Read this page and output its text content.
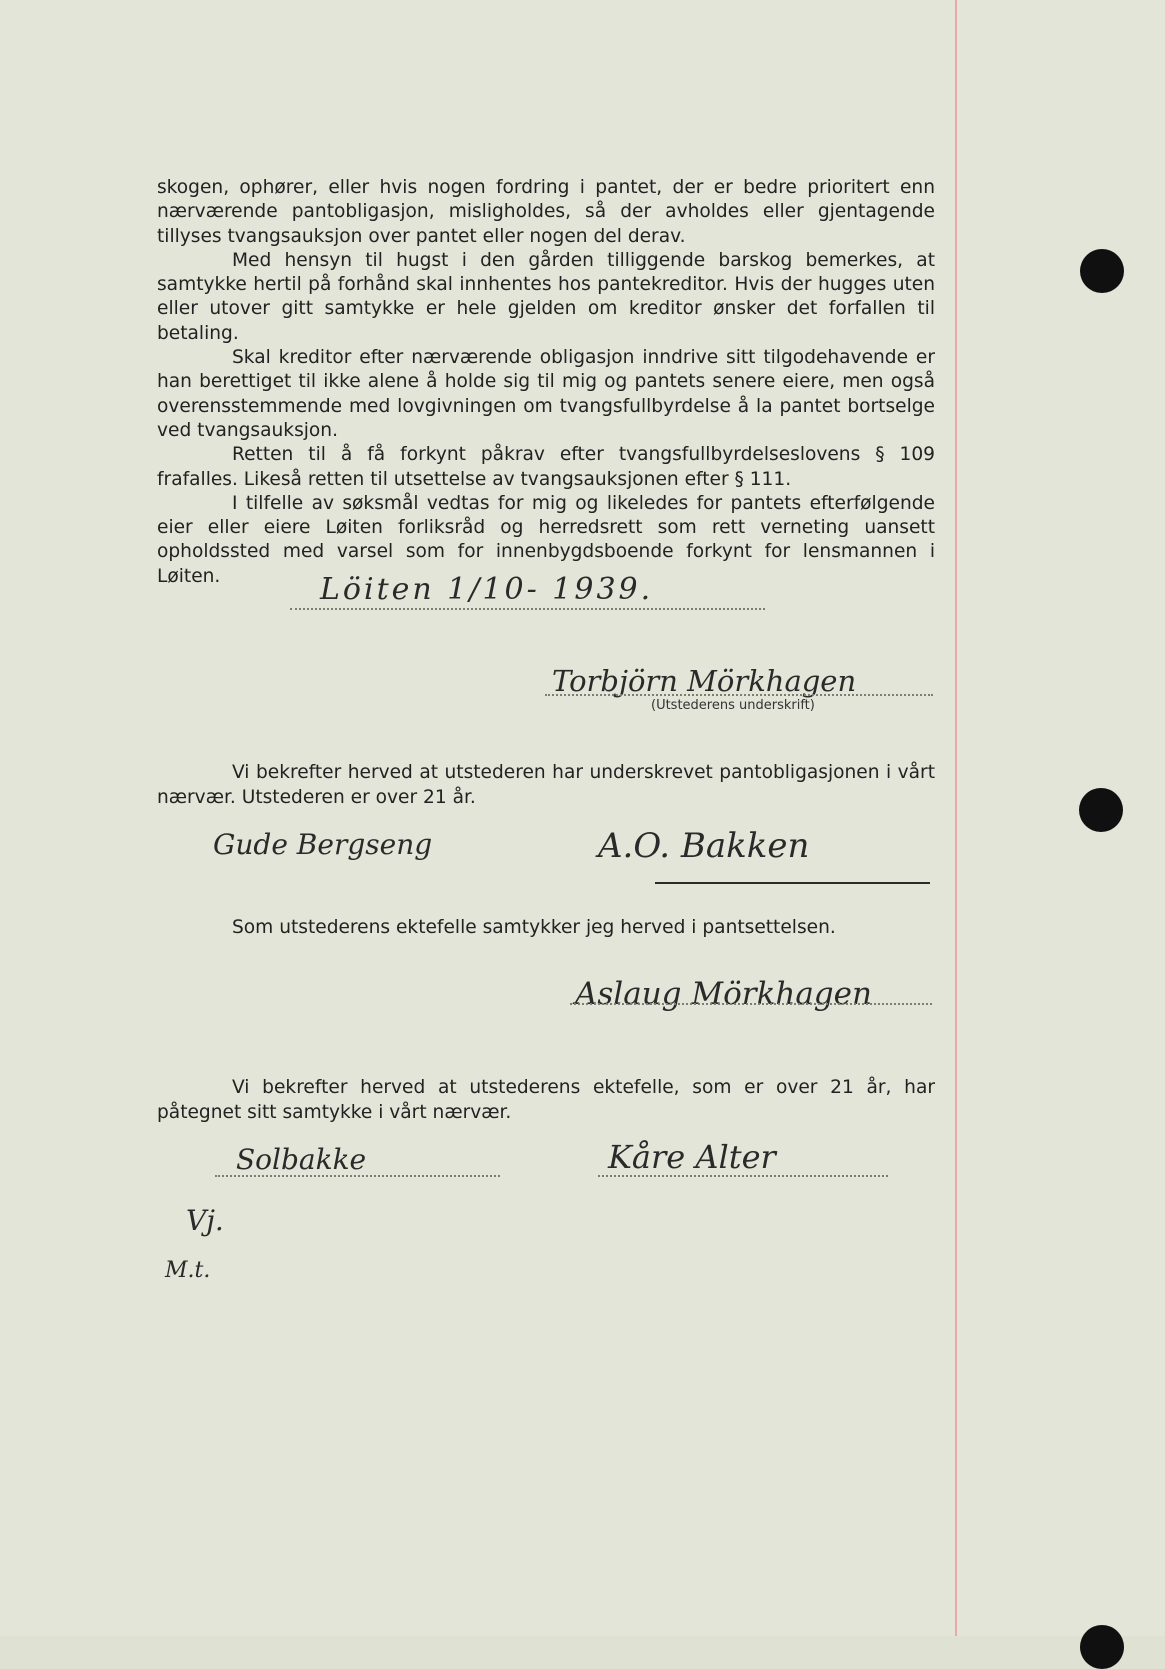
skogen, ophører, eller hvis nogen fordring i pantet, der er bedre prioritert enn nærværende pantobligasjon, misligholdes, så der avholdes eller gjentagende tillyses tvangsauksjon over pantet eller nogen del derav.

Med hensyn til hugst i den gården tilliggende barskog bemerkes, at samtykke hertil på forhånd skal innhentes hos pantekreditor. Hvis der hugges uten eller utover gitt samtykke er hele gjelden om kreditor ønsker det forfallen til betaling.

Skal kreditor efter nærværende obligasjon inndrive sitt tilgodehavende er han berettiget til ikke alene å holde sig til mig og pantets senere eiere, men også overensstemmende med lovgivningen om tvangsfullbyrdelse å la pantet bortselge ved tvangsauksjon.

Retten til å få forkynt påkrav efter tvangsfullbyrdelseslovens § 109 frafalles. Likeså retten til utsettelse av tvangsauksjonen efter § 111.

I tilfelle av søksmål vedtas for mig og likeledes for pantets efterfølgende eier eller eiere Løiten forliksråd og herredsrett som rett verneting uansett opholdssted med varsel som for innenbygdsboende forkynt for lensmannen i Løiten.	Löiten 1/10- 1939.
Torbjörn Mörkhagen
(Utstederens underskrift)
Vi bekrefter herved at utstederen har underskrevet pantobligasjonen i vårt nærvær. Utstederen er over 21 år.
Gude Bergseng	A.O. Bakken
Som utstederens ektefelle samtykker jeg herved i pantsettelsen.
Aslaug Mörkhagen
Vi bekrefter herved at utstederens ektefelle, som er over 21 år, har påtegnet sitt samtykke i vårt nærvær.
Solbakke	Kåre Alter
Vj.
M.t.
